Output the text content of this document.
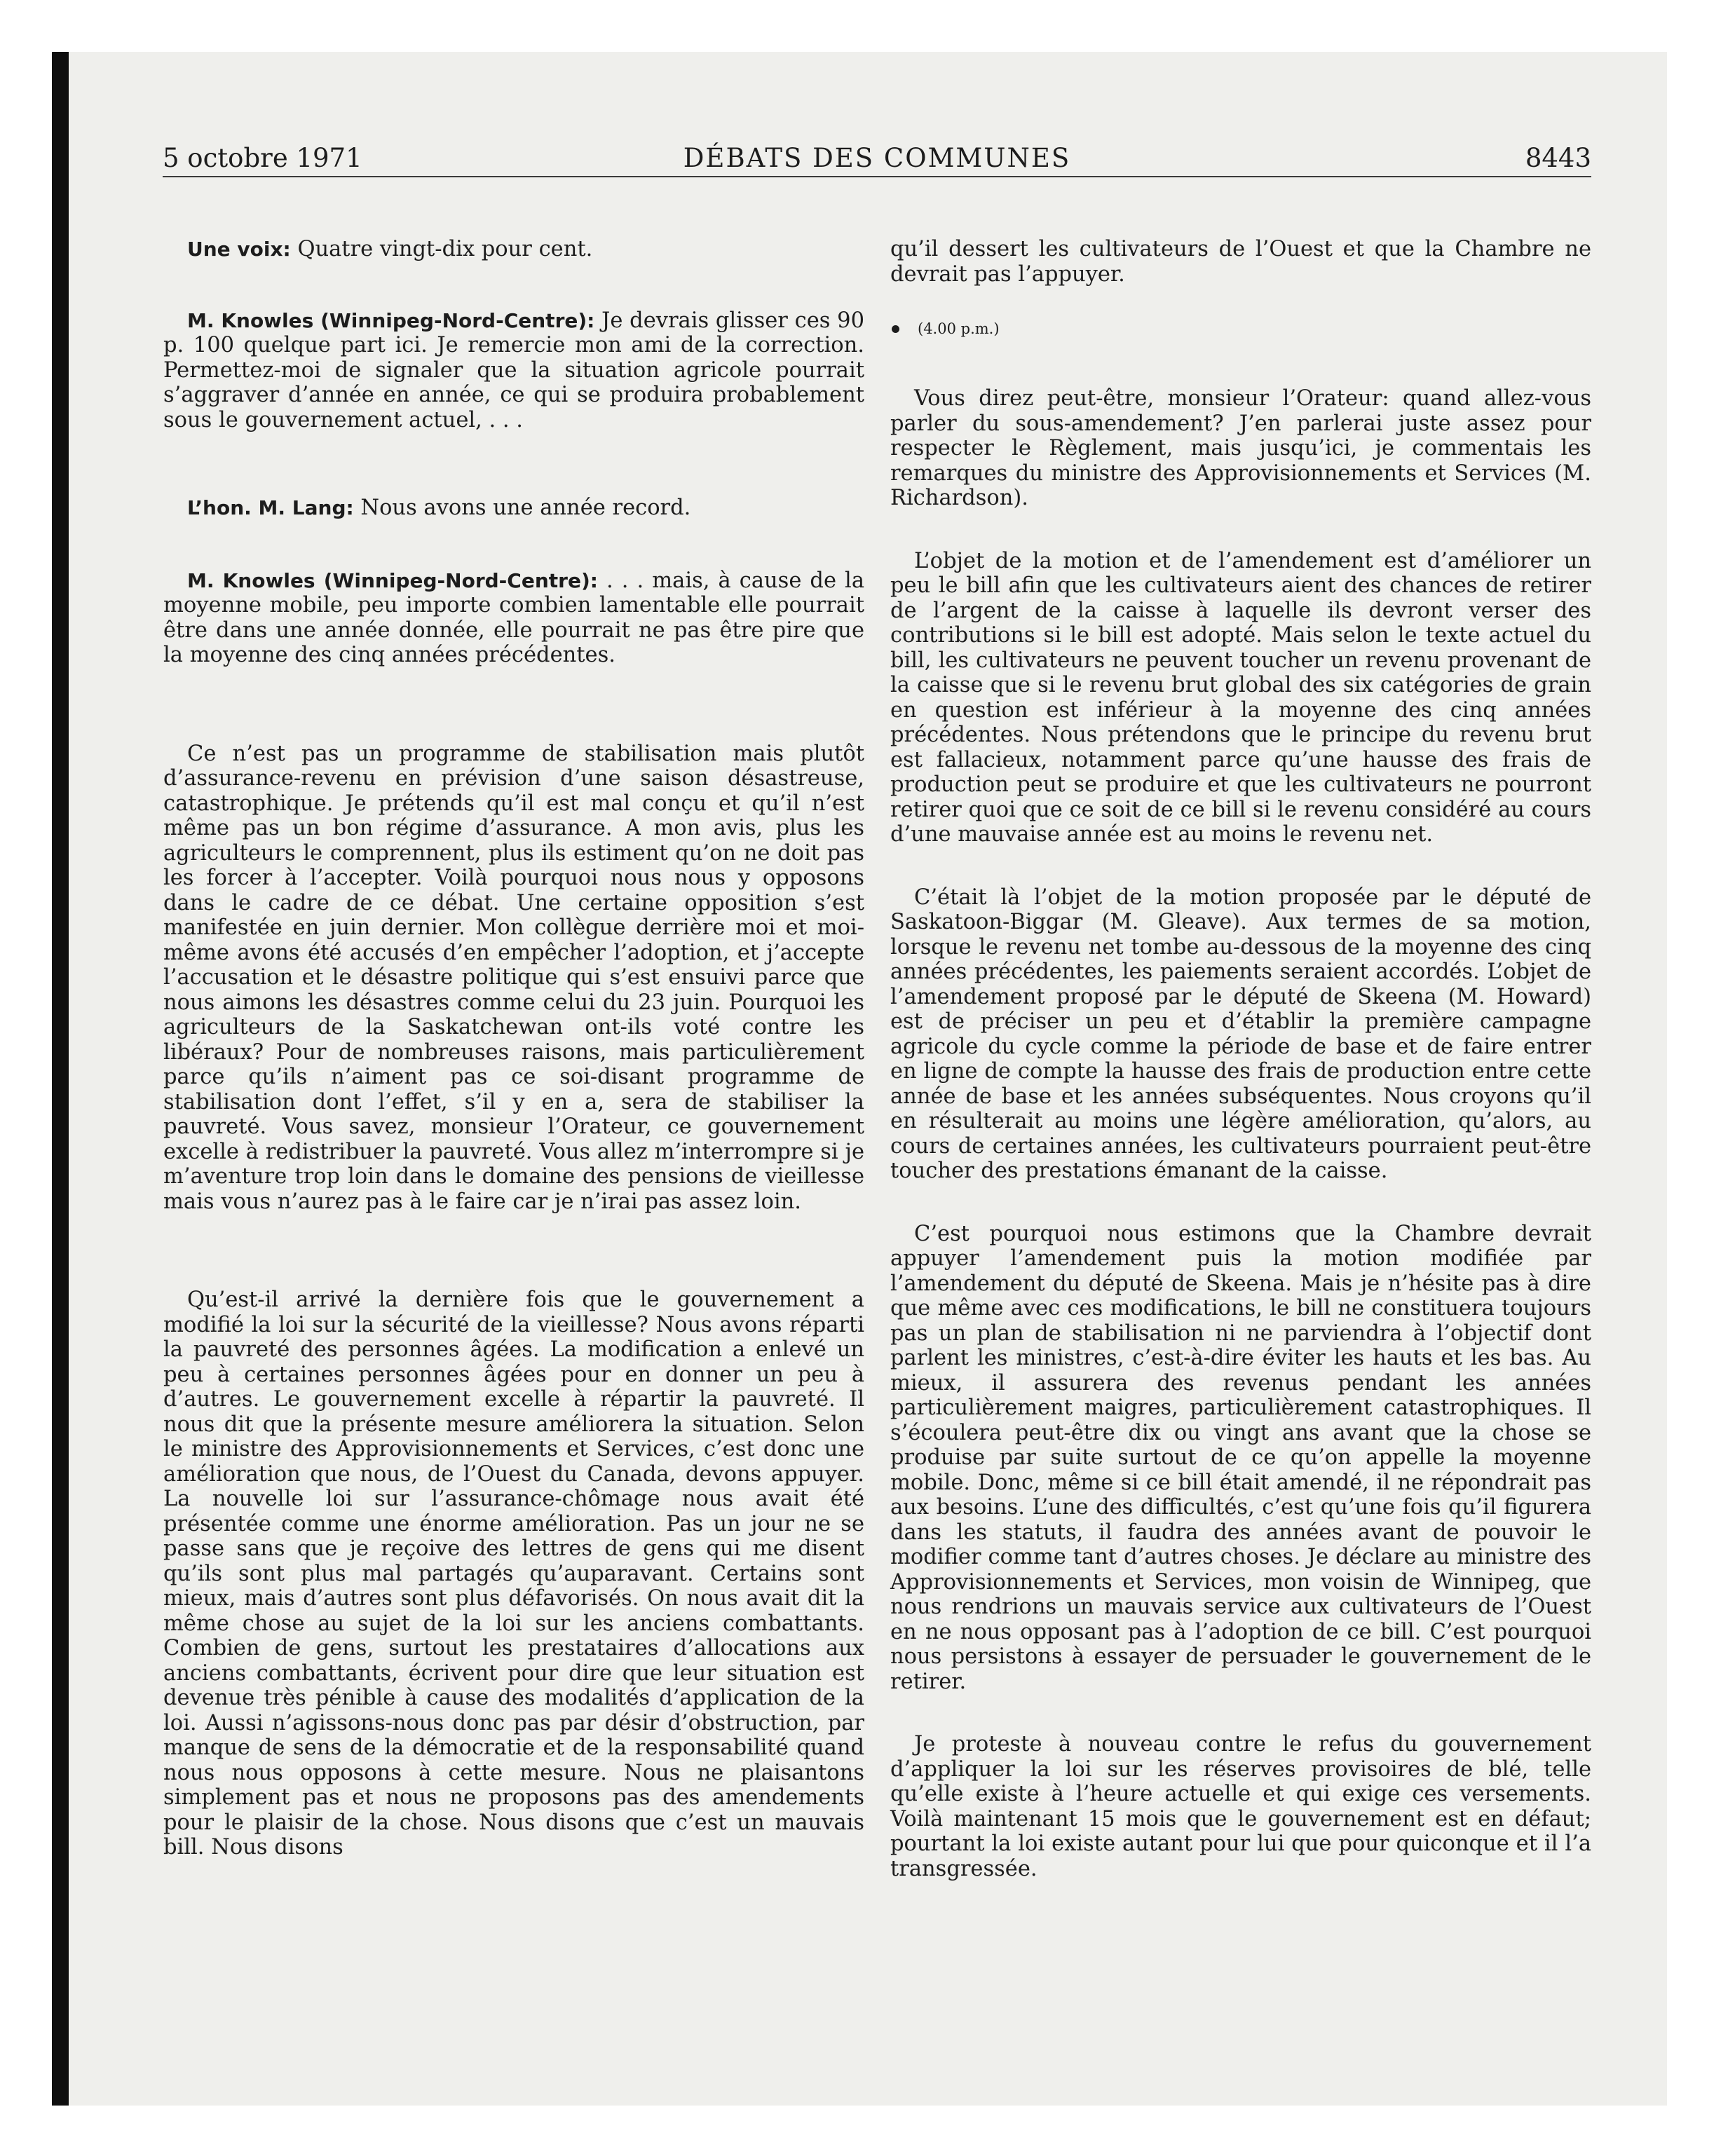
5 octobre 1971	DÉBATS DES COMMUNES	8443

Une voix: Quatre vingt-dix pour cent.

M. Knowles (Winnipeg-Nord-Centre): Je devrais glisser ces 90 p. 100 quelque part ici. Je remercie mon ami de la correction. Permettez-moi de signaler que la situation agricole pourrait s’aggraver d’année en année, ce qui se produira probablement sous le gouvernement actuel, . . .

L’hon. M. Lang: Nous avons une année record.

M. Knowles (Winnipeg-Nord-Centre): . . . mais, à cause de la moyenne mobile, peu importe combien lamentable elle pourrait être dans une année donnée, elle pourrait ne pas être pire que la moyenne des cinq années précédentes.

Ce n’est pas un programme de stabilisation mais plutôt d’assurance-revenu en prévision d’une saison désastreuse, catastrophique. Je prétends qu’il est mal conçu et qu’il n’est même pas un bon régime d’assurance. A mon avis, plus les agriculteurs le comprennent, plus ils estiment qu’on ne doit pas les forcer à l’accepter. Voilà pourquoi nous nous y opposons dans le cadre de ce débat. Une certaine opposition s’est manifestée en juin dernier. Mon collègue derrière moi et moi-même avons été accusés d’en empêcher l’adoption, et j’accepte l’accusation et le désastre politique qui s’est ensuivi parce que nous aimons les désastres comme celui du 23 juin. Pourquoi les agriculteurs de la Saskatchewan ont-ils voté contre les libéraux? Pour de nombreuses raisons, mais particulièrement parce qu’ils n’aiment pas ce soi-disant programme de stabilisation dont l’effet, s’il y en a, sera de stabiliser la pauvreté. Vous savez, monsieur l’Orateur, ce gouvernement excelle à redistribuer la pauvreté. Vous allez m’interrompre si je m’aventure trop loin dans le domaine des pensions de vieillesse mais vous n’aurez pas à le faire car je n’irai pas assez loin.

Qu’est-il arrivé la dernière fois que le gouvernement a modifié la loi sur la sécurité de la vieillesse? Nous avons réparti la pauvreté des personnes âgées. La modification a enlevé un peu à certaines personnes âgées pour en donner un peu à d’autres. Le gouvernement excelle à répartir la pauvreté. Il nous dit que la présente mesure améliorera la situation. Selon le ministre des Approvisionnements et Services, c’est donc une amélioration que nous, de l’Ouest du Canada, devons appuyer. La nouvelle loi sur l’assurance-chômage nous avait été présentée comme une énorme amélioration. Pas un jour ne se passe sans que je reçoive des lettres de gens qui me disent qu’ils sont plus mal partagés qu’auparavant. Certains sont mieux, mais d’autres sont plus défavorisés. On nous avait dit la même chose au sujet de la loi sur les anciens combattants. Combien de gens, surtout les prestataires d’allocations aux anciens combattants, écrivent pour dire que leur situation est devenue très pénible à cause des modalités d’application de la loi. Aussi n’agissons-nous donc pas par désir d’obstruction, par manque de sens de la démocratie et de la responsabilité quand nous nous opposons à cette mesure. Nous ne plaisantons simplement pas et nous ne proposons pas des amendements pour le plaisir de la chose. Nous disons que c’est un mauvais bill. Nous disons

qu’il dessert les cultivateurs de l’Ouest et que la Chambre ne devrait pas l’appuyer.

(4.00 p.m.)

Vous direz peut-être, monsieur l’Orateur: quand allez-vous parler du sous-amendement? J’en parlerai juste assez pour respecter le Règlement, mais jusqu’ici, je commentais les remarques du ministre des Approvisionnements et Services (M. Richardson).

L’objet de la motion et de l’amendement est d’améliorer un peu le bill afin que les cultivateurs aient des chances de retirer de l’argent de la caisse à laquelle ils devront verser des contributions si le bill est adopté. Mais selon le texte actuel du bill, les cultivateurs ne peuvent toucher un revenu provenant de la caisse que si le revenu brut global des six catégories de grain en question est inférieur à la moyenne des cinq années précédentes. Nous prétendons que le principe du revenu brut est fallacieux, notamment parce qu’une hausse des frais de production peut se produire et que les cultivateurs ne pourront retirer quoi que ce soit de ce bill si le revenu considéré au cours d’une mauvaise année est au moins le revenu net.

C’était là l’objet de la motion proposée par le député de Saskatoon-Biggar (M. Gleave). Aux termes de sa motion, lorsque le revenu net tombe au-dessous de la moyenne des cinq années précédentes, les paiements seraient accordés. L’objet de l’amendement proposé par le député de Skeena (M. Howard) est de préciser un peu et d’établir la première campagne agricole du cycle comme la période de base et de faire entrer en ligne de compte la hausse des frais de production entre cette année de base et les années subséquentes. Nous croyons qu’il en résulterait au moins une légère amélioration, qu’alors, au cours de certaines années, les cultivateurs pourraient peut-être toucher des prestations émanant de la caisse.

C’est pourquoi nous estimons que la Chambre devrait appuyer l’amendement puis la motion modifiée par l’amendement du député de Skeena. Mais je n’hésite pas à dire que même avec ces modifications, le bill ne constituera toujours pas un plan de stabilisation ni ne parviendra à l’objectif dont parlent les ministres, c’est-à-dire éviter les hauts et les bas. Au mieux, il assurera des revenus pendant les années particulièrement maigres, particulièrement catastrophiques. Il s’écoulera peut-être dix ou vingt ans avant que la chose se produise par suite surtout de ce qu’on appelle la moyenne mobile. Donc, même si ce bill était amendé, il ne répondrait pas aux besoins. L’une des difficultés, c’est qu’une fois qu’il figurera dans les statuts, il faudra des années avant de pouvoir le modifier comme tant d’autres choses. Je déclare au ministre des Approvisionnements et Services, mon voisin de Winnipeg, que nous rendrions un mauvais service aux cultivateurs de l’Ouest en ne nous opposant pas à l’adoption de ce bill. C’est pourquoi nous persistons à essayer de persuader le gouvernement de le retirer.

Je proteste à nouveau contre le refus du gouvernement d’appliquer la loi sur les réserves provisoires de blé, telle qu’elle existe à l’heure actuelle et qui exige ces versements. Voilà maintenant 15 mois que le gouvernement est en défaut; pourtant la loi existe autant pour lui que pour quiconque et il l’a transgressée.
